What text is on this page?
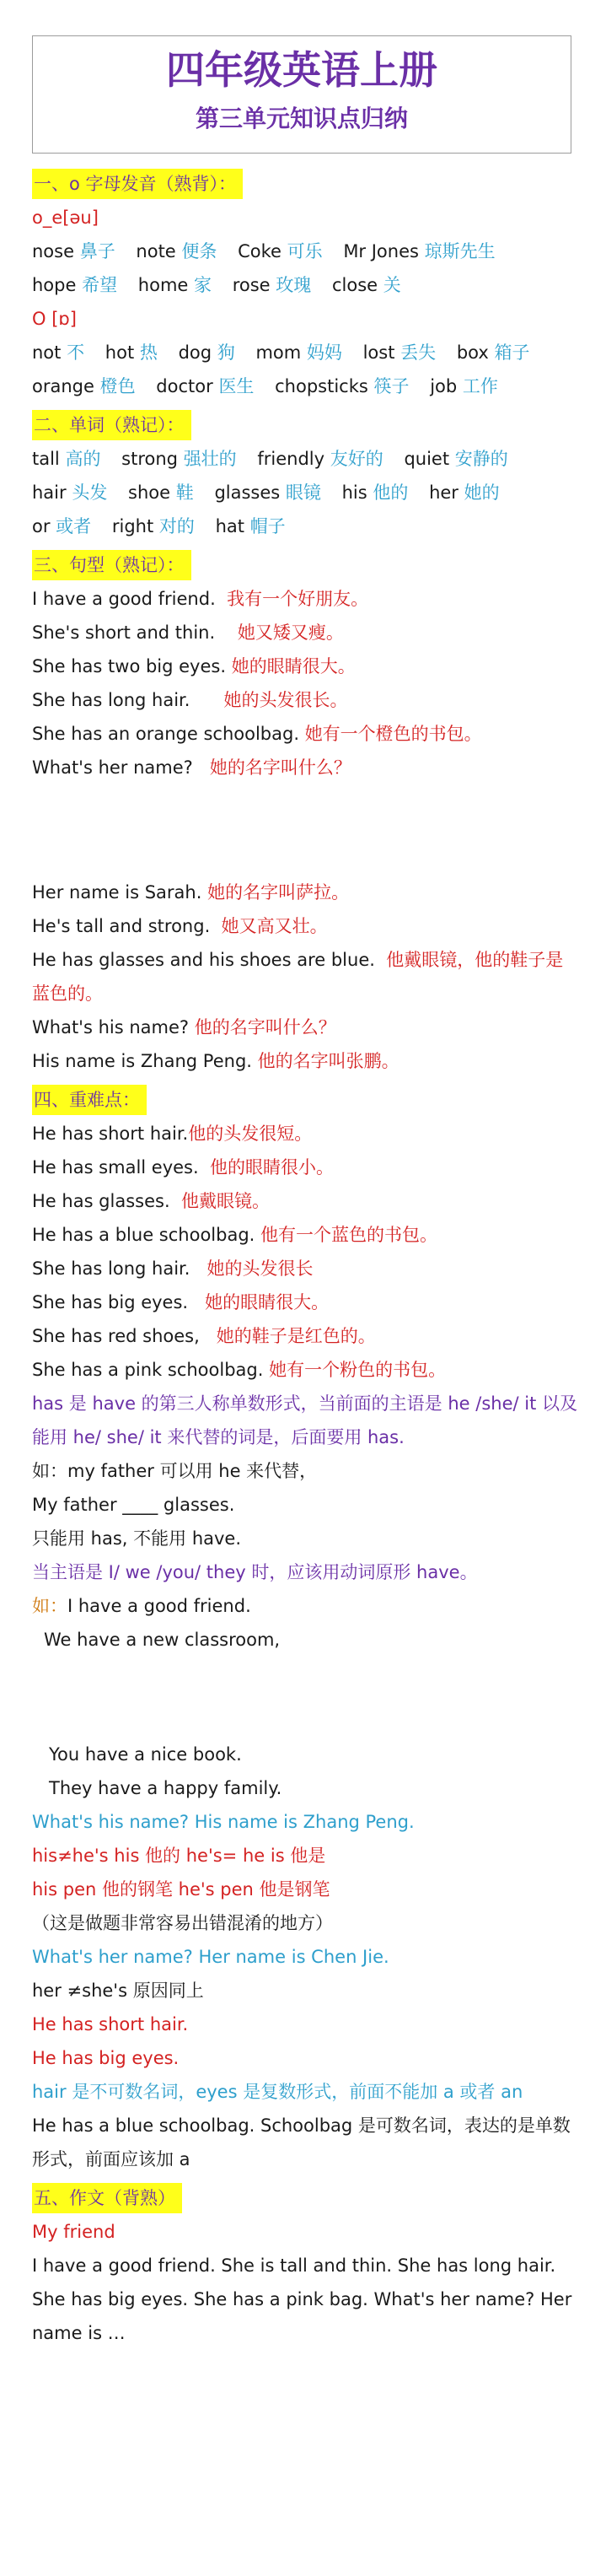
四年级英语上册
第三单元知识点归纳
一、o 字母发音（熟背）：
o_e[əu]
nose 鼻子 note 便条 Coke 可乐 Mr Jones 琼斯先生
hope 希望 home 家 rose 玫瑰 close 关
O [ɒ]
not 不 hot 热 dog 狗 mom 妈妈 lost 丢失 box 箱子
orange 橙色 doctor 医生 chopsticks 筷子 job 工作
二、单词（熟记）：
tall 高的 strong 强壮的 friendly 友好的 quiet 安静的
hair 头发 shoe 鞋 glasses 眼镜 his 他的 her 她的
or 或者 right 对的 hat 帽子
三、句型（熟记）：
I have a good friend. 我有一个好朋友。
She's short and thin. 她又矮又瘦。
She has two big eyes. 她的眼睛很大。
She has long hair. 她的头发很长。
She has an orange schoolbag. 她有一个橙色的书包。
What's her name? 她的名字叫什么？
Her name is Sarah. 她的名字叫萨拉。
He's tall and strong. 她又高又壮。
He has glasses and his shoes are blue. 他戴眼镜，他的鞋子是蓝色的。
What's his name? 他的名字叫什么？
His name is Zhang Peng. 他的名字叫张鹏。
四、重难点：
He has short hair.他的头发很短。
He has small eyes. 他的眼睛很小。
He has glasses. 他戴眼镜。
He has a blue schoolbag. 他有一个蓝色的书包。
She has long hair. 她的头发很长
She has big eyes. 她的眼睛很大。
She has red shoes, 她的鞋子是红色的。
She has a pink schoolbag. 她有一个粉色的书包。
has 是 have 的第三人称单数形式，当前面的主语是 he /she/ it 以及能用 he/ she/ it 来代替的词是，后面要用 has.
如：my father 可以用 he 来代替，
My father ____ glasses.
只能用 has, 不能用 have.
当主语是 I/ we /you/ they 时，应该用动词原形 have。
如：I have a good friend.
We have a new classroom,
You have a nice book.
They have a happy family.
What's his name? His name is Zhang Peng.
his≠he's his 他的 he's= he is 他是
his pen 他的钢笔 he's pen 他是钢笔
（这是做题非常容易出错混淆的地方）
What's her name? Her name is Chen Jie.
her ≠she's 原因同上
He has short hair.
He has big eyes.
hair 是不可数名词，eyes 是复数形式，前面不能加 a 或者 an
He has a blue schoolbag. Schoolbag 是可数名词，表达的是单数形式，前面应该加 a
五、作文（背熟）
My friend
I have a good friend. She is tall and thin. She has long hair. She has big eyes. She has a pink bag. What's her name? Her name is …
